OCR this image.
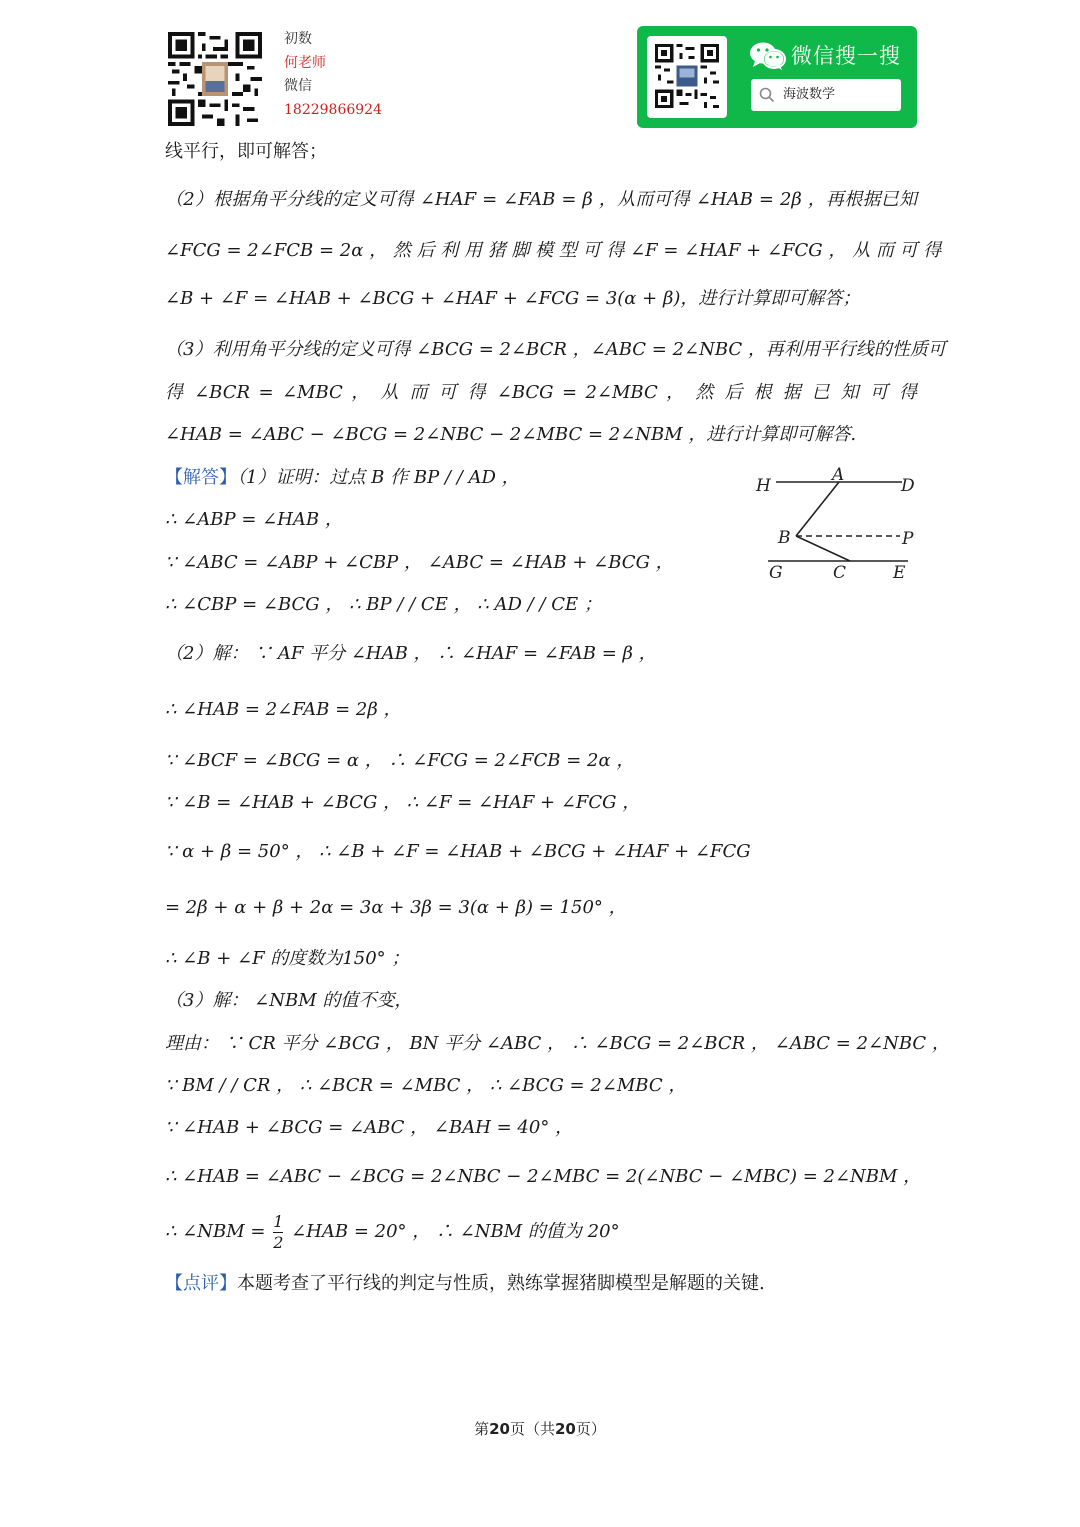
初数
何老师
微信
18229866924
微信搜一搜
海波数学
线平行，即可解答；
（2）根据角平分线的定义可得 ∠HAF = ∠FAB = β ，从而可得 ∠HAB = 2β ，再根据已知
∠FCG = 2∠FCB = 2α ， 然 后 利 用 猪 脚 模 型 可 得 ∠F = ∠HAF + ∠FCG ， 从 而 可 得
∠B + ∠F = ∠HAB + ∠BCG + ∠HAF + ∠FCG = 3(α + β)，进行计算即可解答；
（3）利用角平分线的定义可得 ∠BCG = 2∠BCR ，∠ABC = 2∠NBC ，再利用平行线的性质可
得 ∠BCR = ∠MBC ， 从 而 可 得 ∠BCG = 2∠MBC ， 然 后 根 据 已 知 可 得
∠HAB = ∠ABC − ∠BCG = 2∠NBC − 2∠MBC = 2∠NBM ，进行计算即可解答.
【解答】（1）证明：过点 B 作 BP / / AD ，
∴ ∠ABP = ∠HAB ，
∵ ∠ABC = ∠ABP + ∠CBP ， ∠ABC = ∠HAB + ∠BCG ，
∴ ∠CBP = ∠BCG ， ∴ BP / / CE ， ∴ AD / / CE ；
H
A
D
B	P
G	C	E
（2）解： ∵ AF 平分 ∠HAB ， ∴ ∠HAF = ∠FAB = β ，
∴ ∠HAB = 2∠FAB = 2β ，
∵ ∠BCF = ∠BCG = α ， ∴ ∠FCG = 2∠FCB = 2α ，
∵ ∠B = ∠HAB + ∠BCG ， ∴ ∠F = ∠HAF + ∠FCG ，
∵ α + β = 50° ， ∴ ∠B + ∠F = ∠HAB + ∠BCG + ∠HAF + ∠FCG
= 2β + α + β + 2α = 3α + 3β = 3(α + β) = 150° ，
∴ ∠B + ∠F 的度数为150° ；
（3）解： ∠NBM 的值不变，
理由： ∵ CR 平分 ∠BCG ， BN 平分 ∠ABC ， ∴ ∠BCG = 2∠BCR ， ∠ABC = 2∠NBC ，
∵ BM / / CR ， ∴ ∠BCR = ∠MBC ， ∴ ∠BCG = 2∠MBC ，
∵ ∠HAB + ∠BCG = ∠ABC ， ∠BAH = 40° ，
∴ ∠HAB = ∠ABC − ∠BCG = 2∠NBC − 2∠MBC = 2(∠NBC − ∠MBC) = 2∠NBM ，
∴ ∠NBM = $\frac{1}{2}$ ∠HAB = 20° ， ∴ ∠NBM 的值为 20°
【点评】本题考查了平行线的判定与性质，熟练掌握猪脚模型是解题的关键.
第20页（共20页）
